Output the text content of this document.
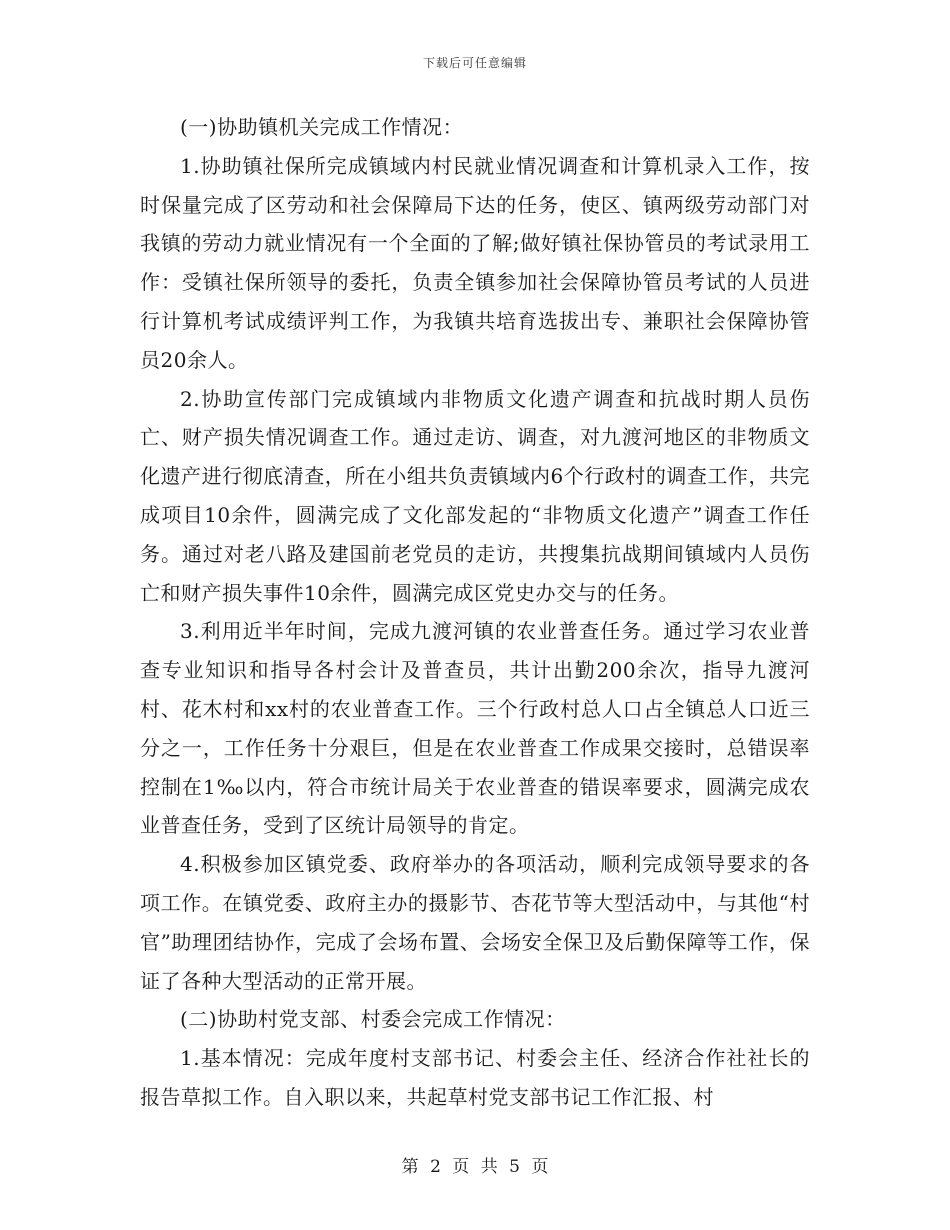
下载后可任意编辑

(一)协助镇机关完成工作情况：

1.协助镇社保所完成镇域内村民就业情况调查和计算机录入工作，按时保量完成了区劳动和社会保障局下达的任务，使区、镇两级劳动部门对我镇的劳动力就业情况有一个全面的了解;做好镇社保协管员的考试录用工作：受镇社保所领导的委托，负责全镇参加社会保障协管员考试的人员进行计算机考试成绩评判工作，为我镇共培育选拔出专、兼职社会保障协管员20余人。

2.协助宣传部门完成镇域内非物质文化遗产调查和抗战时期人员伤亡、财产损失情况调查工作。通过走访、调查，对九渡河地区的非物质文化遗产进行彻底清查，所在小组共负责镇域内6个行政村的调查工作，共完成项目10余件，圆满完成了文化部发起的“非物质文化遗产”调查工作任务。通过对老八路及建国前老党员的走访，共搜集抗战期间镇域内人员伤亡和财产损失事件10余件，圆满完成区党史办交与的任务。

3.利用近半年时间，完成九渡河镇的农业普查任务。通过学习农业普查专业知识和指导各村会计及普查员，共计出勤200余次，指导九渡河村、花木村和xx村的农业普查工作。三个行政村总人口占全镇总人口近三分之一，工作任务十分艰巨，但是在农业普查工作成果交接时，总错误率控制在1‰以内，符合市统计局关于农业普查的错误率要求，圆满完成农业普查任务，受到了区统计局领导的肯定。

4.积极参加区镇党委、政府举办的各项活动，顺利完成领导要求的各项工作。在镇党委、政府主办的摄影节、杏花节等大型活动中，与其他“村官”助理团结协作，完成了会场布置、会场安全保卫及后勤保障等工作，保证了各种大型活动的正常开展。

(二)协助村党支部、村委会完成工作情况：

1.基本情况：完成年度村支部书记、村委会主任、经济合作社社长的报告草拟工作。自入职以来，共起草村党支部书记工作汇报、村

第 2 页 共 5 页
